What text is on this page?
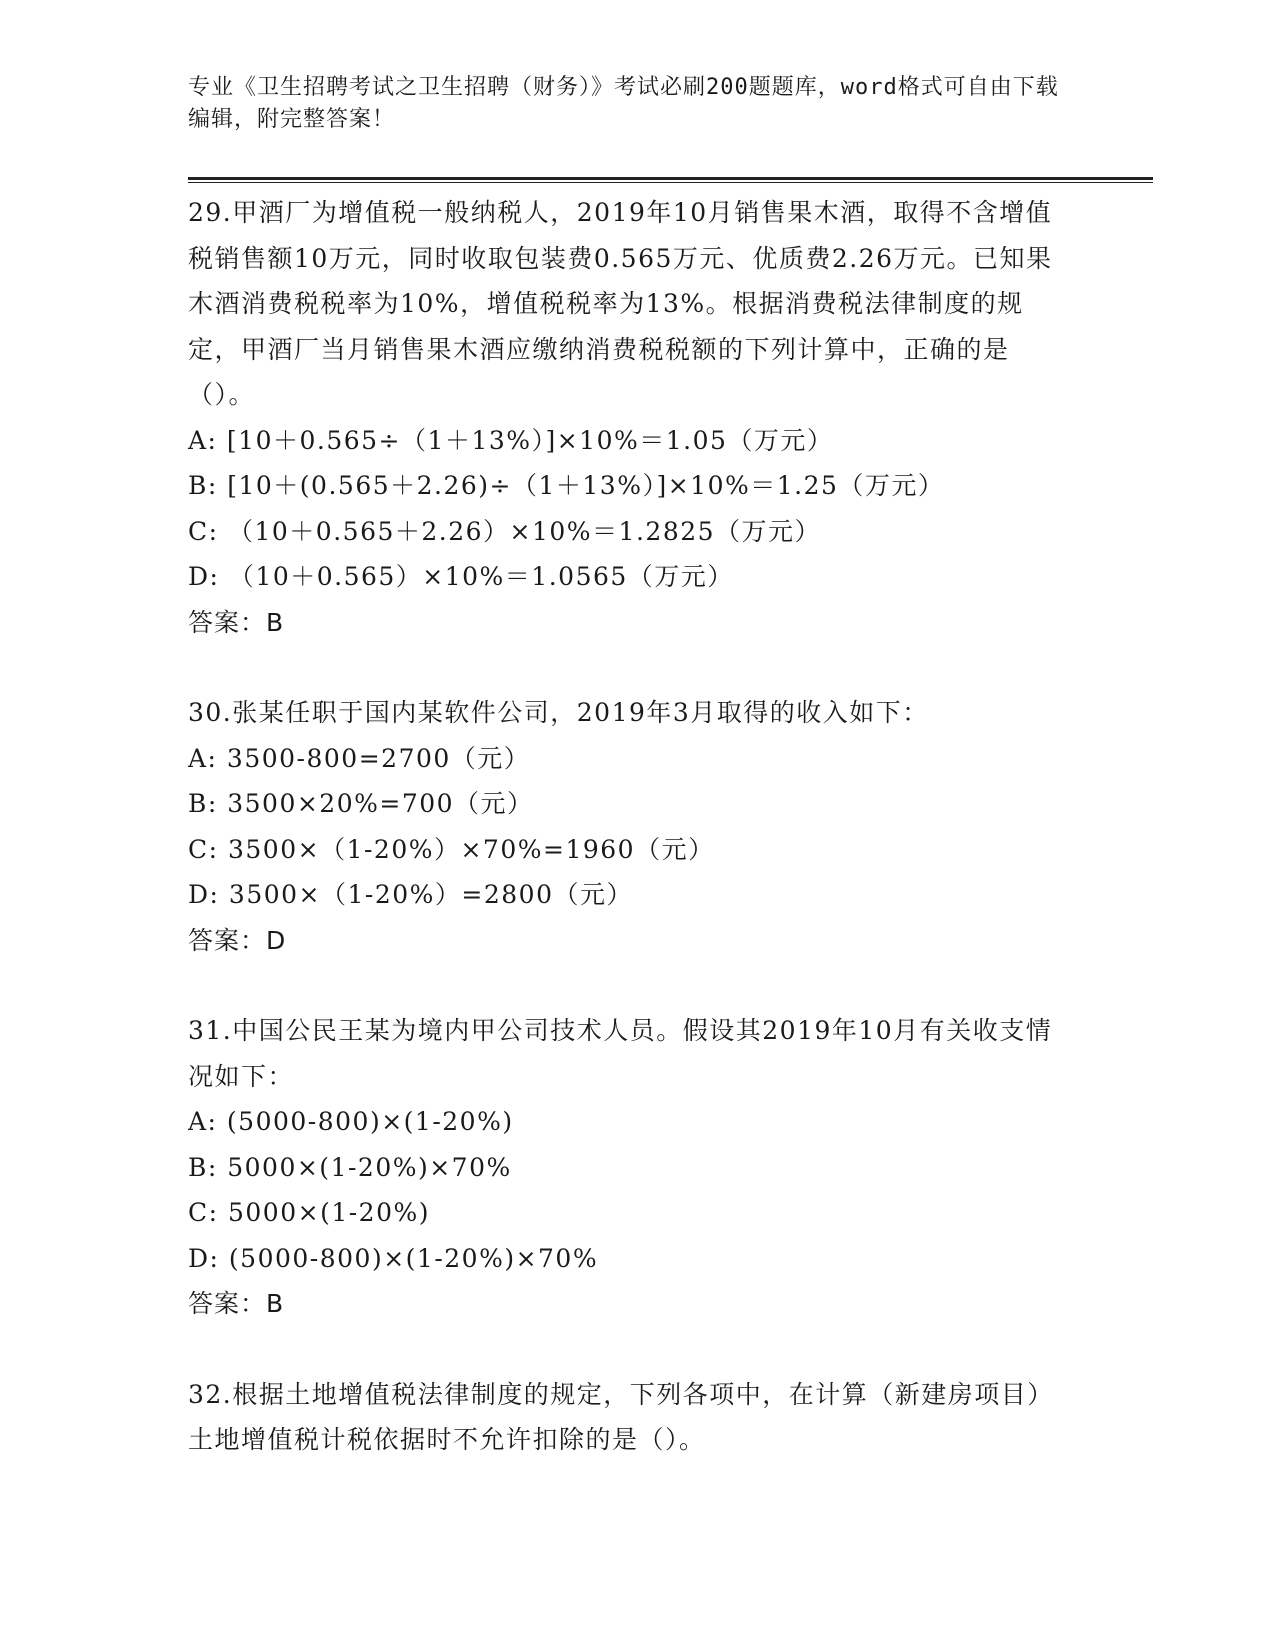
专业《卫生招聘考试之卫生招聘（财务）》考试必刷200题题库，word格式可自由下载编辑，附完整答案！

29.甲酒厂为增值税一般纳税人，2019年10月销售果木酒，取得不含增值税销售额10万元，同时收取包装费0.565万元、优质费2.26万元。已知果木酒消费税税率为10%，增值税税率为13%。根据消费税法律制度的规定，甲酒厂当月销售果木酒应缴纳消费税税额的下列计算中，正确的是（）。

A: [10＋0.565÷（1＋13%）]×10%＝1.05（万元）

B: [10＋(0.565＋2.26)÷（1＋13%）]×10%＝1.25（万元）

C: （10＋0.565＋2.26）×10%＝1.2825（万元）

D: （10＋0.565）×10%＝1.0565（万元）

答案：B

30.张某任职于国内某软件公司，2019年3月取得的收入如下：

A: 3500-800=2700（元）

B: 3500×20%=700（元）

C: 3500×（1-20%）×70%=1960（元）

D: 3500×（1-20%）=2800（元）

答案：D

31.中国公民王某为境内甲公司技术人员。假设其2019年10月有关收支情况如下：

A: (5000-800)×(1-20%)

B: 5000×(1-20%)×70%

C: 5000×(1-20%)

D: (5000-800)×(1-20%)×70%

答案：B

32.根据土地增值税法律制度的规定，下列各项中，在计算（新建房项目）土地增值税计税依据时不允许扣除的是（）。
